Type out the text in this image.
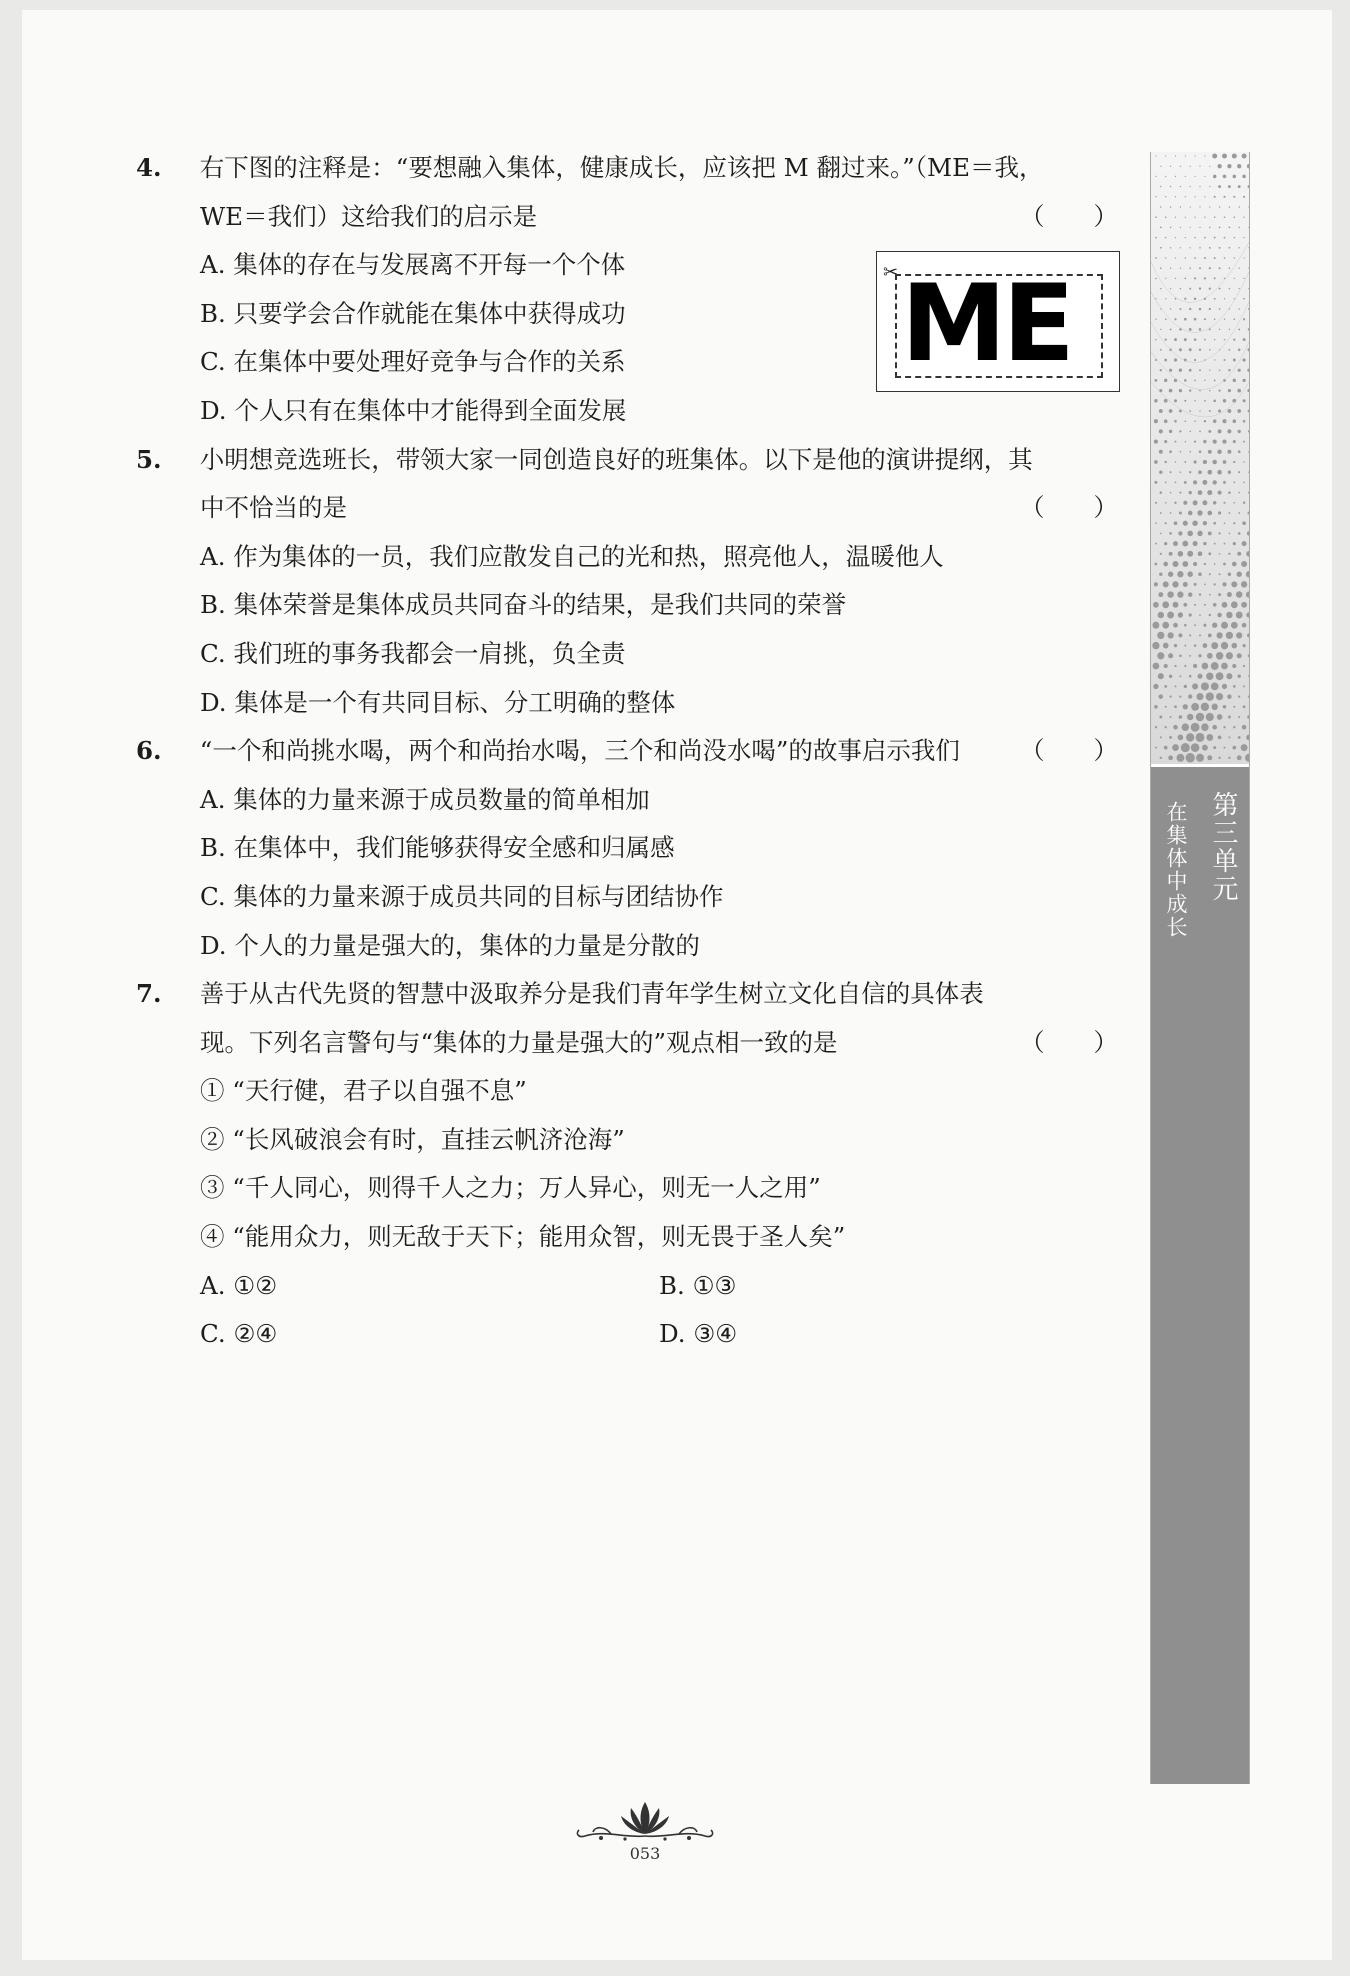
4. 右下图的注释是：“要想融入集体，健康成长，应该把 M 翻过来。”（ME＝我，
WE＝我们）这给我们的启示是	（　　）
A. 集体的存在与发展离不开每一个个体
B. 只要学会合作就能在集体中获得成功
C. 在集体中要处理好竞争与合作的关系
D. 个人只有在集体中才能得到全面发展
5. 小明想竞选班长，带领大家一同创造良好的班集体。以下是他的演讲提纲，其
中不恰当的是	（　　）
A. 作为集体的一员，我们应散发自己的光和热，照亮他人，温暖他人
B. 集体荣誉是集体成员共同奋斗的结果，是我们共同的荣誉
C. 我们班的事务我都会一肩挑，负全责
D. 集体是一个有共同目标、分工明确的整体
6. “一个和尚挑水喝，两个和尚抬水喝，三个和尚没水喝”的故事启示我们 （　　）
A. 集体的力量来源于成员数量的简单相加
B. 在集体中，我们能够获得安全感和归属感
C. 集体的力量来源于成员共同的目标与团结协作
D. 个人的力量是强大的，集体的力量是分散的
7. 善于从古代先贤的智慧中汲取养分是我们青年学生树立文化自信的具体表
现。下列名言警句与“集体的力量是强大的”观点相一致的是	（　　）
① “天行健，君子以自强不息”
② “长风破浪会有时，直挂云帆济沧海”
③ “千人同心，则得千人之力；万人异心，则无一人之用”
④ “能用众力，则无敌于天下；能用众智，则无畏于圣人矣”
A. ①②	B. ①③
C. ②④	D. ③④
✂ ME
第三单元
在集体中成长
053
